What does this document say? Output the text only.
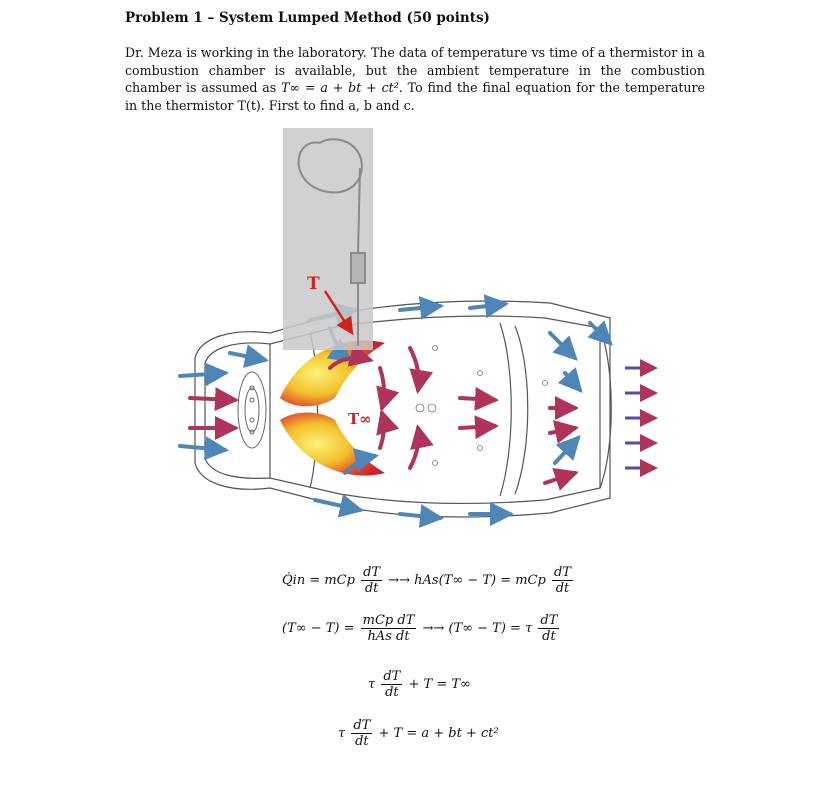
Problem 1 – System Lumped Method (50 points)
Dr. Meza is working in the laboratory. The data of temperature vs time of a thermistor in a combustion chamber is available, but the ambient temperature in the combustion chamber is assumed as T∞ = a + bt + ct². To find the final equation for the temperature in the thermistor T(t). First to find a, b and c.
T
T∞
Q̇in = mCp $\frac{dT}{dt} \to\to hAs(T\infty - T)$ = mCp $\frac{dT}{dt}$
$(T\infty - T) = \frac{\text{mCp dT}}{\text{hAs dt}} \to\to (T\infty - T) = \tau \frac{dT}{dt}$
τ $\frac{dT}{dt} + T = T\infty$
τ $\frac{dT}{dt} + T = a$ + bt + ct²
